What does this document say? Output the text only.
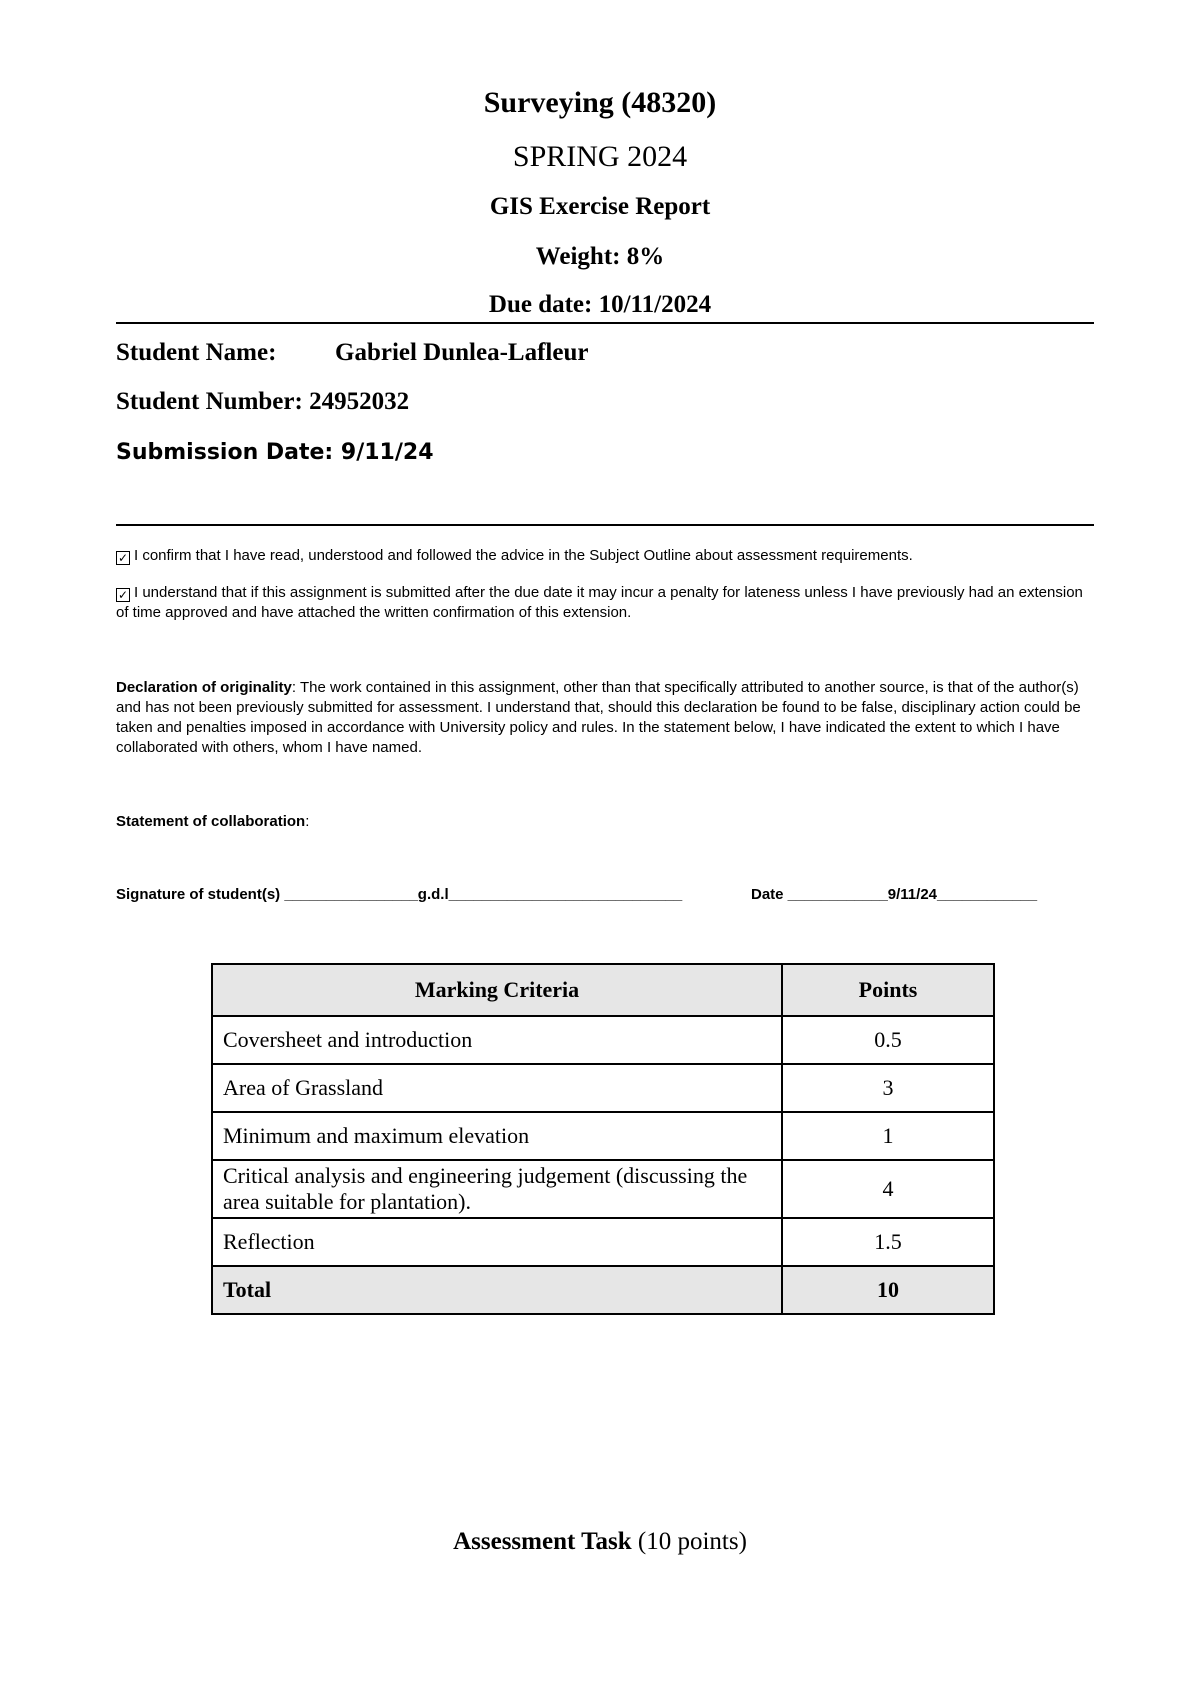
Surveying (48320)
SPRING 2024
GIS Exercise Report
Weight: 8%
Due date: 10/11/2024
Student Name: Gabriel Dunlea-Lafleur
Student Number: 24952032
Submission Date: 9/11/24
✓ I confirm that I have read, understood and followed the advice in the Subject Outline about assessment requirements.
✓ I understand that if this assignment is submitted after the due date it may incur a penalty for lateness unless I have previously had an extension of time approved and have attached the written confirmation of this extension.
Declaration of originality: The work contained in this assignment, other than that specifically attributed to another source, is that of the author(s) and has not been previously submitted for assessment. I understand that, should this declaration be found to be false, disciplinary action could be taken and penalties imposed in accordance with University policy and rules. In the statement below, I have indicated the extent to which I have collaborated with others, whom I have named.
Statement of collaboration:
Signature of student(s) ________________g.d.l____________________________	Date ____________9/11/24____________
Marking Criteria	Points
Coversheet and introduction	0.5
Area of Grassland	3
Minimum and maximum elevation	1
Critical analysis and engineering judgement (discussing the area suitable for plantation).	4
Reflection	1.5
Total	10
Assessment Task (10 points)
